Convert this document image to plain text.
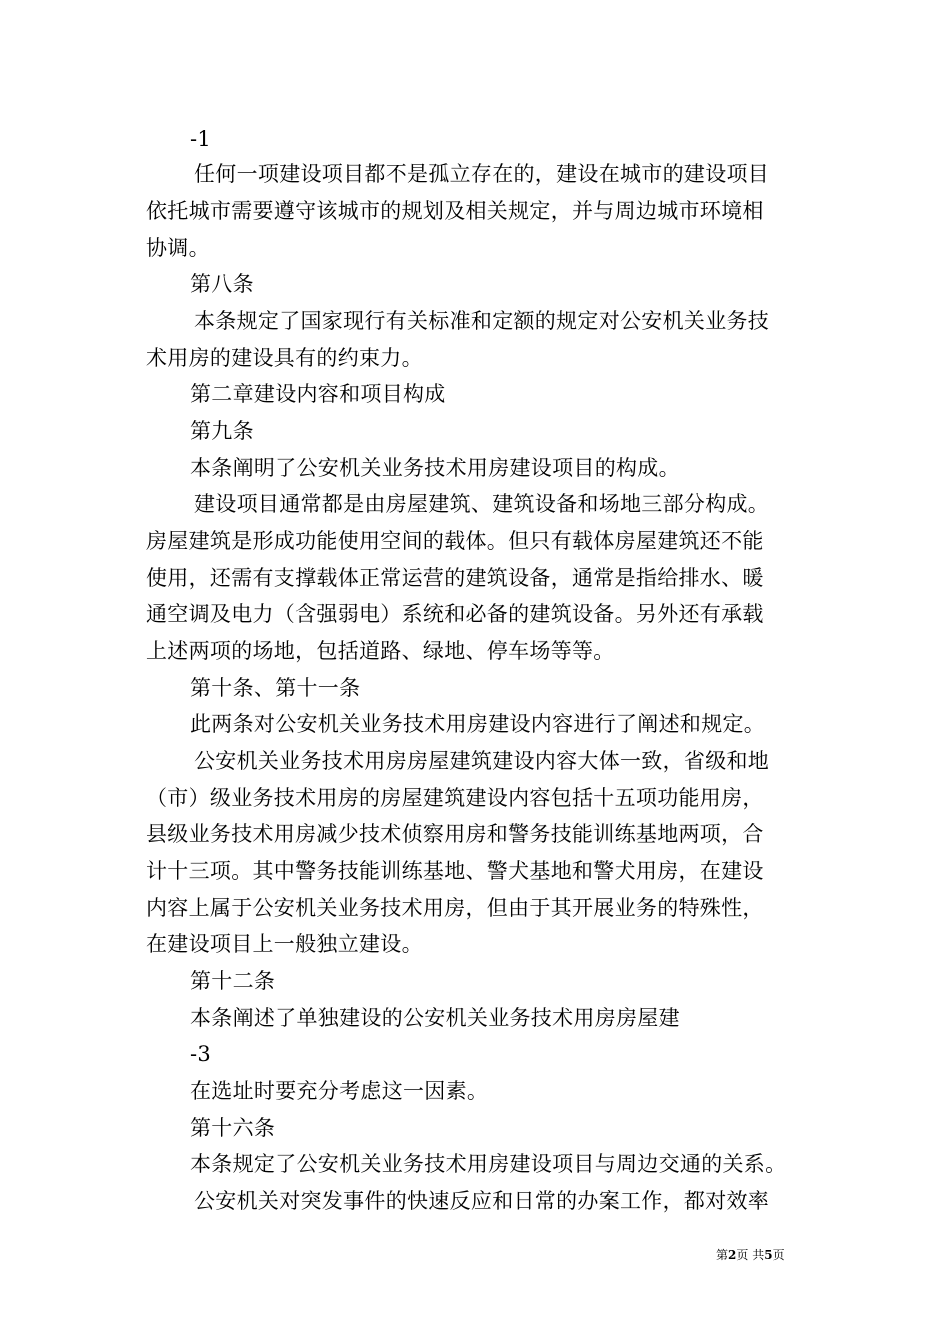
-1
任何一项建设项目都不是孤立存在的，建设在城市的建设项目
依托城市需要遵守该城市的规划及相关规定，并与周边城市环境相
协调。
第八条
本条规定了国家现行有关标准和定额的规定对公安机关业务技
术用房的建设具有的约束力。
第二章建设内容和项目构成
第九条
本条阐明了公安机关业务技术用房建设项目的构成。
建设项目通常都是由房屋建筑、建筑设备和场地三部分构成。
房屋建筑是形成功能使用空间的载体。但只有载体房屋建筑还不能
使用，还需有支撑载体正常运营的建筑设备，通常是指给排水、暖
通空调及电力（含强弱电）系统和必备的建筑设备。另外还有承载
上述两项的场地，包括道路、绿地、停车场等等。
第十条、第十一条
此两条对公安机关业务技术用房建设内容进行了阐述和规定。
公安机关业务技术用房房屋建筑建设内容大体一致，省级和地
（市）级业务技术用房的房屋建筑建设内容包括十五项功能用房，
县级业务技术用房减少技术侦察用房和警务技能训练基地两项，合
计十三项。其中警务技能训练基地、警犬基地和警犬用房，在建设
内容上属于公安机关业务技术用房，但由于其开展业务的特殊性，
在建设项目上一般独立建设。
第十二条
本条阐述了单独建设的公安机关业务技术用房房屋建
-3
在选址时要充分考虑这一因素。
第十六条
本条规定了公安机关业务技术用房建设项目与周边交通的关系。
公安机关对突发事件的快速反应和日常的办案工作，都对效率
第2页 共5页
